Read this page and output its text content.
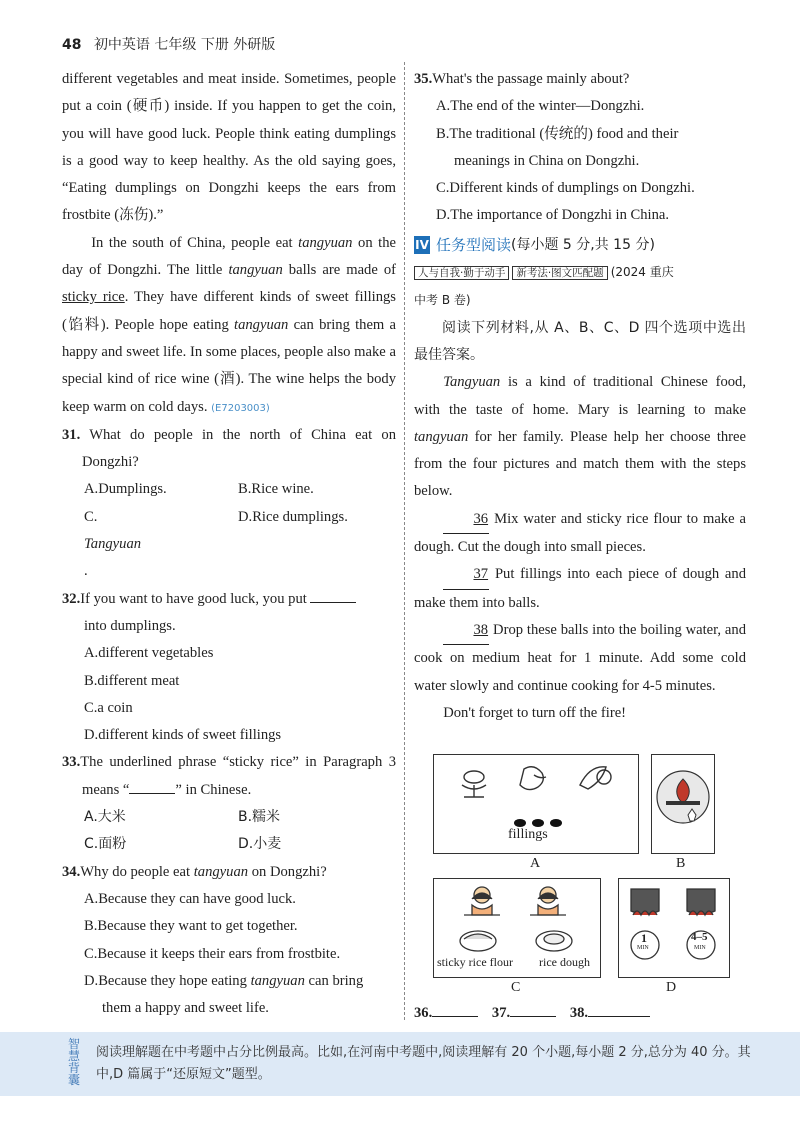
48 初中英语 七年级 下册 外研版

different vegetables and meat inside. Sometimes, people put a coin (硬币) inside. If you happen to get the coin, you will have good luck. People think eating dumplings is a good way to keep healthy. As the old saying goes, “Eating dumplings on Dongzhi keeps the ears from frostbite (冻伤).”

In the south of China, people eat tangyuan on the day of Dongzhi. The little tangyuan balls are made of sticky rice. They have different kinds of sweet fillings (馅料). People hope eating tangyuan can bring them a happy and sweet life. In some places, people also make a special kind of rice wine (酒). The wine helps the body keep warm on cold days. (E7203003)

31. What do people in the north of China eat on Dongzhi?

A.Dumplings.	B.Rice wine.
C.Tangyuan.
D.Rice dumplings.

32.If you want to have good luck, you put

into dumplings.

A.different vegetables

B.different meat

C.a coin

D.different kinds of sweet fillings

33.The underlined phrase “sticky rice” in Paragraph 3 means “	” in Chinese.

A.大米	B.糯米
C.面粉	D.小麦

34.Why do people eat tangyuan on Dongzhi?

A.Because they can have good luck.

B.Because they want to get together.

C.Because it keeps their ears from frostbite.

D.Because they hope eating tangyuan can bring
them a happy and sweet life.

35.What's the passage mainly about?

A.The end of the winter—Dongzhi.

B.The traditional (传统的) food and their
meanings in China on Dongzhi.

C.Different kinds of dumplings on Dongzhi.

D.The importance of Dongzhi in China.

IV 任务型阅读 (每小题 5 分,共 15 分)
人与自我·勤于动手 新考法·图文匹配题 (2024 重庆
中考 B 卷)

阅读下列材料,从 A、B、C、D 四个选项中选出最佳答案。

Tangyuan is a kind of traditional Chinese food, with the taste of home. Mary is learning to make tangyuan for her family. Please help her choose three from the four pictures and match them with the steps below.

36 Mix water and sticky rice flour to make a dough. Cut the dough into small pieces.

37 Put fillings into each piece of dough and make them into balls.

38 Drop these balls into the boiling water, and cook on medium heat for 1 minute. Add some cold water slowly and continue cooking for 4-5 minutes.

Don't forget to turn off the fire!

fillings
A	B
sticky rice flour rice dough
C
1
MIN
4–5
MIN
D
36.	37.	38.
智慧背囊
阅读理解题在中考题中占分比例最高。比如,在河南中考题中,阅读理解有 20 个小题,每小题 2 分,总分为 40 分。其中,D 篇属于“还原短文”题型。
